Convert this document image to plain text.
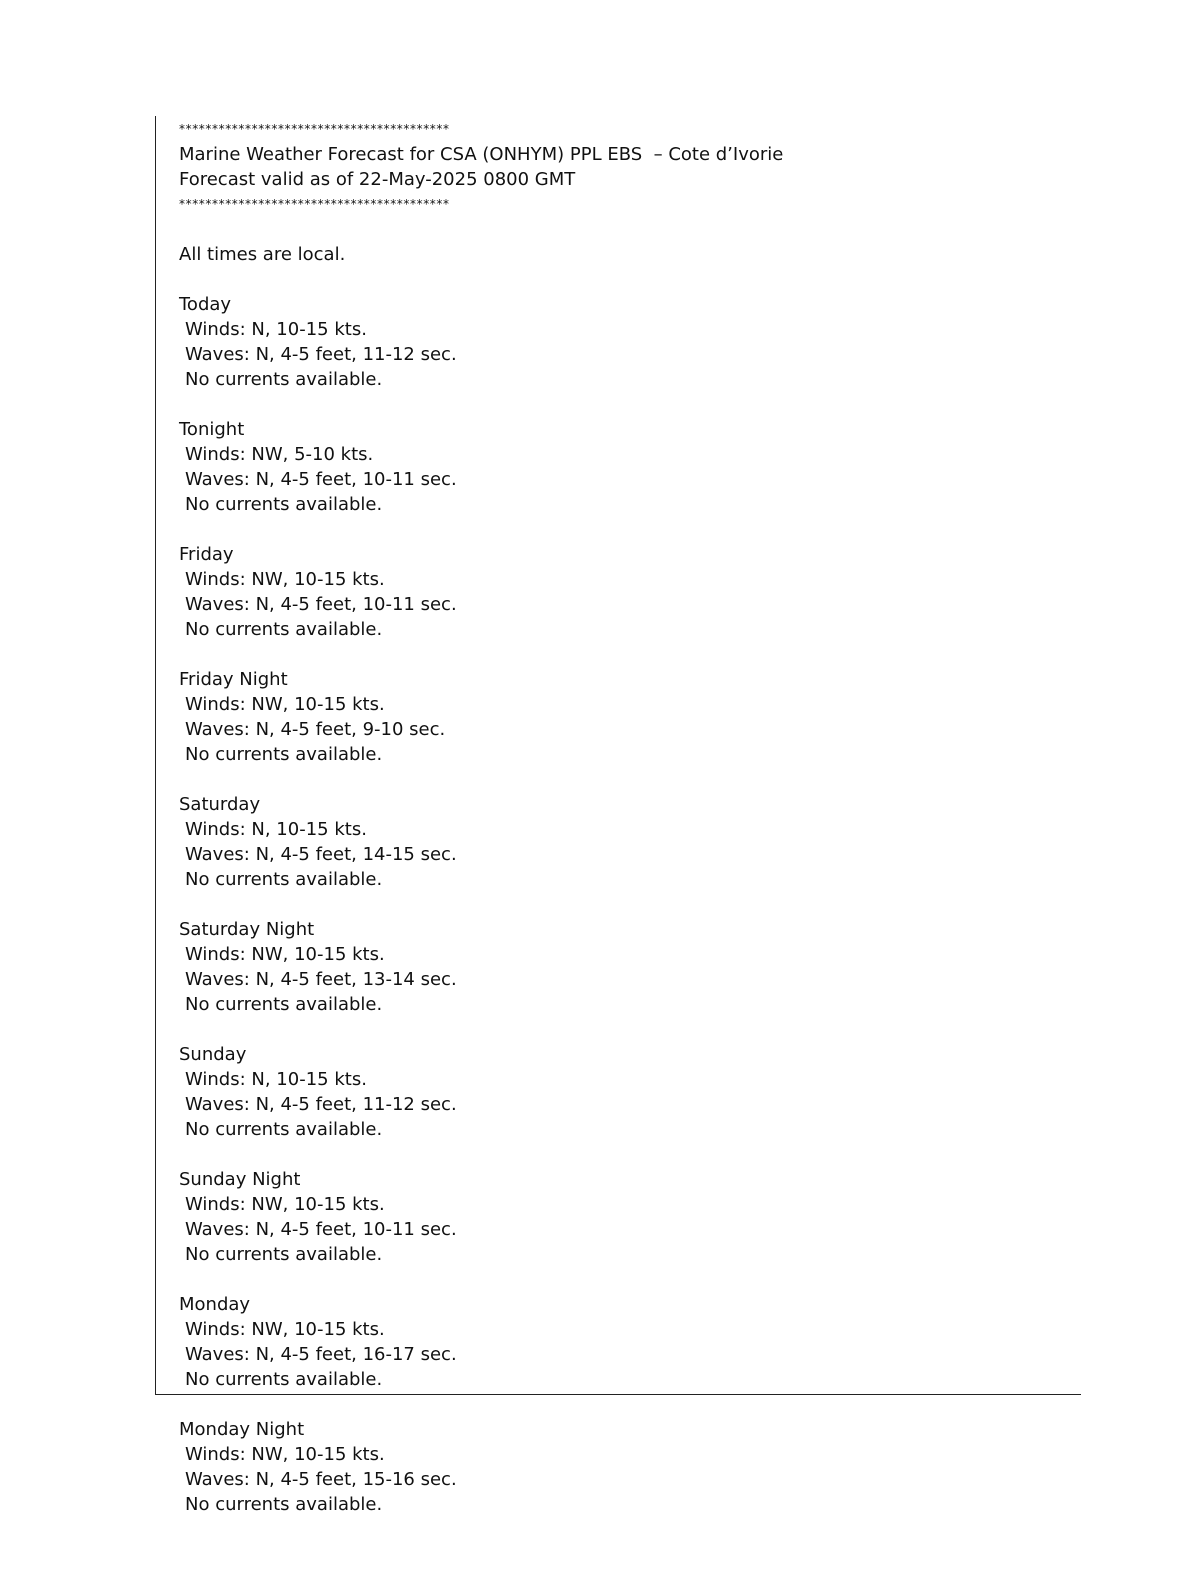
*****************************************
Marine Weather Forecast for CSA (ONHYM) PPL EBS  – Cote d’Ivorie
Forecast valid as of 22-May-2025 0800 GMT
*****************************************
All times are local.
Today
Winds: N, 10-15 kts.
Waves: N, 4-5 feet, 11-12 sec.
No currents available.
Tonight
Winds: NW, 5-10 kts.
Waves: N, 4-5 feet, 10-11 sec.
No currents available.
Friday
Winds: NW, 10-15 kts.
Waves: N, 4-5 feet, 10-11 sec.
No currents available.
Friday Night
Winds: NW, 10-15 kts.
Waves: N, 4-5 feet, 9-10 sec.
No currents available.
Saturday
Winds: N, 10-15 kts.
Waves: N, 4-5 feet, 14-15 sec.
No currents available.
Saturday Night
Winds: NW, 10-15 kts.
Waves: N, 4-5 feet, 13-14 sec.
No currents available.
Sunday
Winds: N, 10-15 kts.
Waves: N, 4-5 feet, 11-12 sec.
No currents available.
Sunday Night
Winds: NW, 10-15 kts.
Waves: N, 4-5 feet, 10-11 sec.
No currents available.
Monday
Winds: NW, 10-15 kts.
Waves: N, 4-5 feet, 16-17 sec.
No currents available.
Monday Night
Winds: NW, 10-15 kts.
Waves: N, 4-5 feet, 15-16 sec.
No currents available.
